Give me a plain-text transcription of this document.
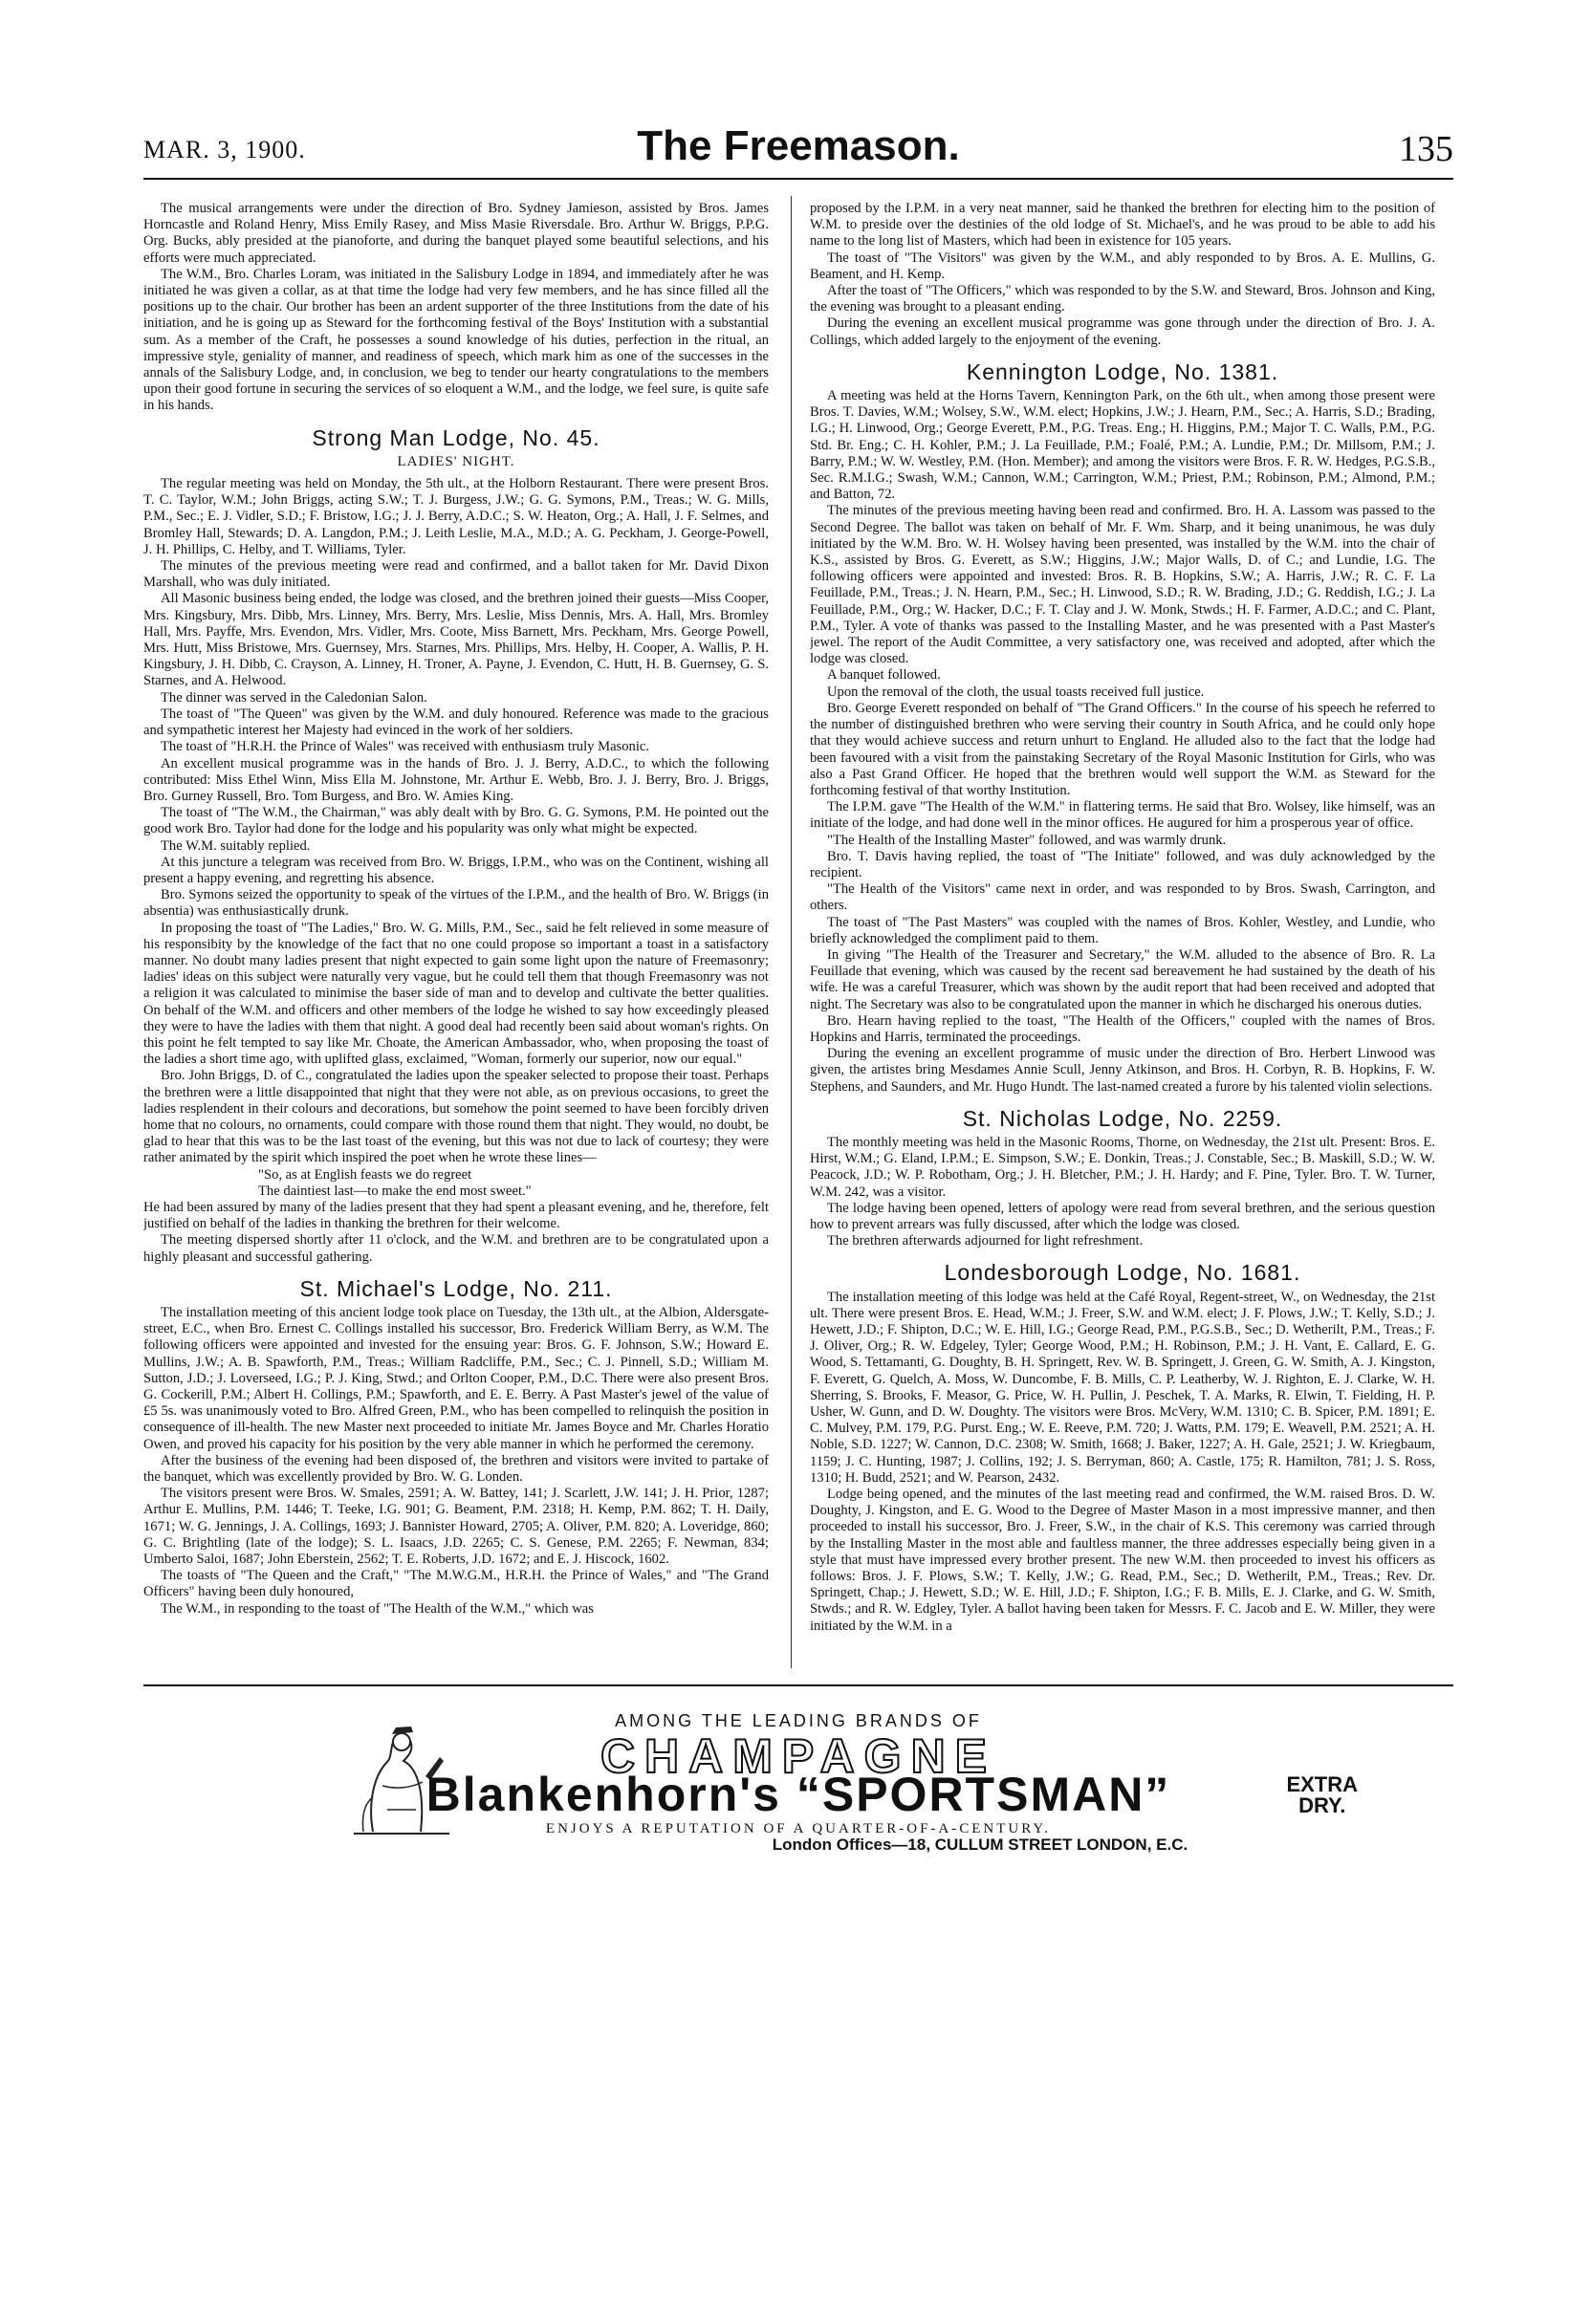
MAR. 3, 1900.	The Freemason.	135

The musical arrangements were under the direction of Bro. Sydney Jamieson, assisted by Bros. James Horncastle and Roland Henry, Miss Emily Rasey, and Miss Masie Riversdale. Bro. Arthur W. Briggs, P.P.G. Org. Bucks, ably presided at the pianoforte, and during the banquet played some beautiful selections, and his efforts were much appreciated.

The W.M., Bro. Charles Loram, was initiated in the Salisbury Lodge in 1894, and immediately after he was initiated he was given a collar, as at that time the lodge had very few members, and he has since filled all the positions up to the chair. Our brother has been an ardent supporter of the three Institutions from the date of his initiation, and he is going up as Steward for the forthcoming festival of the Boys' Institution with a substantial sum. As a member of the Craft, he possesses a sound knowledge of his duties, perfection in the ritual, an impressive style, geniality of manner, and readiness of speech, which mark him as one of the successes in the annals of the Salisbury Lodge, and, in conclusion, we beg to tender our hearty congratulations to the members upon their good fortune in securing the services of so eloquent a W.M., and the lodge, we feel sure, is quite safe in his hands.

Strong Man Lodge, No. 45.
LADIES' NIGHT.

The regular meeting was held on Monday, the 5th ult., at the Holborn Restaurant. There were present Bros. T. C. Taylor, W.M.; John Briggs, acting S.W.; T. J. Burgess, J.W.; G. G. Symons, P.M., Treas.; W. G. Mills, P.M., Sec.; E. J. Vidler, S.D.; F. Bristow, I.G.; J. J. Berry, A.D.C.; S. W. Heaton, Org.; A. Hall, J. F. Selmes, and Bromley Hall, Stewards; D. A. Langdon, P.M.; J. Leith Leslie, M.A., M.D.; A. G. Peckham, J. George-Powell, J. H. Phillips, C. Helby, and T. Williams, Tyler.

The minutes of the previous meeting were read and confirmed, and a ballot taken for Mr. David Dixon Marshall, who was duly initiated.

All Masonic business being ended, the lodge was closed, and the brethren joined their guests—Miss Cooper, Mrs. Kingsbury, Mrs. Dibb, Mrs. Linney, Mrs. Berry, Mrs. Leslie, Miss Dennis, Mrs. A. Hall, Mrs. Bromley Hall, Mrs. Payffe, Mrs. Evendon, Mrs. Vidler, Mrs. Coote, Miss Barnett, Mrs. Peckham, Mrs. George Powell, Mrs. Hutt, Miss Bristowe, Mrs. Guernsey, Mrs. Starnes, Mrs. Phillips, Mrs. Helby, H. Cooper, A. Wallis, P. H. Kingsbury, J. H. Dibb, C. Crayson, A. Linney, H. Troner, A. Payne, J. Evendon, C. Hutt, H. B. Guernsey, G. S. Starnes, and A. Helwood.

The dinner was served in the Caledonian Salon.

The toast of "The Queen" was given by the W.M. and duly honoured. Reference was made to the gracious and sympathetic interest her Majesty had evinced in the work of her soldiers.

The toast of "H.R.H. the Prince of Wales" was received with enthusiasm truly Masonic.

An excellent musical programme was in the hands of Bro. J. J. Berry, A.D.C., to which the following contributed: Miss Ethel Winn, Miss Ella M. Johnstone, Mr. Arthur E. Webb, Bro. J. J. Berry, Bro. J. Briggs, Bro. Gurney Russell, Bro. Tom Burgess, and Bro. W. Amies King.

The toast of "The W.M., the Chairman," was ably dealt with by Bro. G. G. Symons, P.M. He pointed out the good work Bro. Taylor had done for the lodge and his popularity was only what might be expected.

The W.M. suitably replied.

At this juncture a telegram was received from Bro. W. Briggs, I.P.M., who was on the Continent, wishing all present a happy evening, and regretting his absence.

Bro. Symons seized the opportunity to speak of the virtues of the I.P.M., and the health of Bro. W. Briggs (in absentia) was enthusiastically drunk.

In proposing the toast of "The Ladies," Bro. W. G. Mills, P.M., Sec., said he felt relieved in some measure of his responsibity by the knowledge of the fact that no one could propose so important a toast in a satisfactory manner. No doubt many ladies present that night expected to gain some light upon the nature of Freemasonry; ladies' ideas on this subject were naturally very vague, but he could tell them that though Freemasonry was not a religion it was calculated to minimise the baser side of man and to develop and cultivate the better qualities. On behalf of the W.M. and officers and other members of the lodge he wished to say how exceedingly pleased they were to have the ladies with them that night. A good deal had recently been said about woman's rights. On this point he felt tempted to say like Mr. Choate, the American Ambassador, who, when proposing the toast of the ladies a short time ago, with uplifted glass, exclaimed, "Woman, formerly our superior, now our equal."

Bro. John Briggs, D. of C., congratulated the ladies upon the speaker selected to propose their toast. Perhaps the brethren were a little disappointed that night that they were not able, as on previous occasions, to greet the ladies resplendent in their colours and decorations, but somehow the point seemed to have been forcibly driven home that no colours, no ornaments, could compare with those round them that night. They would, no doubt, be glad to hear that this was to be the last toast of the evening, but this was not due to lack of courtesy; they were rather animated by the spirit which inspired the poet when he wrote these lines—

"So, as at English feasts we do regreet

The daintiest last—to make the end most sweet."

He had been assured by many of the ladies present that they had spent a pleasant evening, and he, therefore, felt justified on behalf of the ladies in thanking the brethren for their welcome.

The meeting dispersed shortly after 11 o'clock, and the W.M. and brethren are to be congratulated upon a highly pleasant and successful gathering.

St. Michael's Lodge, No. 211.

The installation meeting of this ancient lodge took place on Tuesday, the 13th ult., at the Albion, Aldersgate-street, E.C., when Bro. Ernest C. Collings installed his successor, Bro. Frederick William Berry, as W.M. The following officers were appointed and invested for the ensuing year: Bros. G. F. Johnson, S.W.; Howard E. Mullins, J.W.; A. B. Spawforth, P.M., Treas.; William Radcliffe, P.M., Sec.; C. J. Pinnell, S.D.; William M. Sutton, J.D.; J. Loverseed, I.G.; P. J. King, Stwd.; and Orlton Cooper, P.M., D.C. There were also present Bros. G. Cockerill, P.M.; Albert H. Collings, P.M.; Spawforth, and E. E. Berry. A Past Master's jewel of the value of £5 5s. was unanimously voted to Bro. Alfred Green, P.M., who has been compelled to relinquish the position in consequence of ill-health. The new Master next proceeded to initiate Mr. James Boyce and Mr. Charles Horatio Owen, and proved his capacity for his position by the very able manner in which he performed the ceremony.

After the business of the evening had been disposed of, the brethren and visitors were invited to partake of the banquet, which was excellently provided by Bro. W. G. Londen.

The visitors present were Bros. W. Smales, 2591; A. W. Battey, 141; J. Scarlett, J.W. 141; J. H. Prior, 1287; Arthur E. Mullins, P.M. 1446; T. Teeke, I.G. 901; G. Beament, P.M. 2318; H. Kemp, P.M. 862; T. H. Daily, 1671; W. G. Jennings, J. A. Collings, 1693; J. Bannister Howard, 2705; A. Oliver, P.M. 820; A. Loveridge, 860; G. C. Brightling (late of the lodge); S. L. Isaacs, J.D. 2265; C. S. Genese, P.M. 2265; F. Newman, 834; Umberto Saloi, 1687; John Eberstein, 2562; T. E. Roberts, J.D. 1672; and E. J. Hiscock, 1602.

The toasts of "The Queen and the Craft," "The M.W.G.M., H.R.H. the Prince of Wales," and "The Grand Officers" having been duly honoured,

The W.M., in responding to the toast of "The Health of the W.M.," which was

proposed by the I.P.M. in a very neat manner, said he thanked the brethren for electing him to the position of W.M. to preside over the destinies of the old lodge of St. Michael's, and he was proud to be able to add his name to the long list of Masters, which had been in existence for 105 years.

The toast of "The Visitors" was given by the W.M., and ably responded to by Bros. A. E. Mullins, G. Beament, and H. Kemp.

After the toast of "The Officers," which was responded to by the S.W. and Steward, Bros. Johnson and King, the evening was brought to a pleasant ending.

During the evening an excellent musical programme was gone through under the direction of Bro. J. A. Collings, which added largely to the enjoyment of the evening.

Kennington Lodge, No. 1381.

A meeting was held at the Horns Tavern, Kennington Park, on the 6th ult., when among those present were Bros. T. Davies, W.M.; Wolsey, S.W., W.M. elect; Hopkins, J.W.; J. Hearn, P.M., Sec.; A. Harris, S.D.; Brading, I.G.; H. Linwood, Org.; George Everett, P.M., P.G. Treas. Eng.; H. Higgins, P.M.; Major T. C. Walls, P.M., P.G. Std. Br. Eng.; C. H. Kohler, P.M.; J. La Feuillade, P.M.; Foalé, P.M.; A. Lundie, P.M.; Dr. Millsom, P.M.; J. Barry, P.M.; W. W. Westley, P.M. (Hon. Member); and among the visitors were Bros. F. R. W. Hedges, P.G.S.B., Sec. R.M.I.G.; Swash, W.M.; Cannon, W.M.; Carrington, W.M.; Priest, P.M.; Robinson, P.M.; Almond, P.M.; and Batton, 72.

The minutes of the previous meeting having been read and confirmed. Bro. H. A. Lassom was passed to the Second Degree. The ballot was taken on behalf of Mr. F. Wm. Sharp, and it being unanimous, he was duly initiated by the W.M. Bro. W. H. Wolsey having been presented, was installed by the W.M. into the chair of K.S., assisted by Bros. G. Everett, as S.W.; Higgins, J.W.; Major Walls, D. of C.; and Lundie, I.G. The following officers were appointed and invested: Bros. R. B. Hopkins, S.W.; A. Harris, J.W.; R. C. F. La Feuillade, P.M., Treas.; J. N. Hearn, P.M., Sec.; H. Linwood, S.D.; R. W. Brading, J.D.; G. Reddish, I.G.; J. La Feuillade, P.M., Org.; W. Hacker, D.C.; F. T. Clay and J. W. Monk, Stwds.; H. F. Farmer, A.D.C.; and C. Plant, P.M., Tyler. A vote of thanks was passed to the Installing Master, and he was presented with a Past Master's jewel. The report of the Audit Committee, a very satisfactory one, was received and adopted, after which the lodge was closed.

A banquet followed.

Upon the removal of the cloth, the usual toasts received full justice.

Bro. George Everett responded on behalf of "The Grand Officers." In the course of his speech he referred to the number of distinguished brethren who were serving their country in South Africa, and he could only hope that they would achieve success and return unhurt to England. He alluded also to the fact that the lodge had been favoured with a visit from the painstaking Secretary of the Royal Masonic Institution for Girls, who was also a Past Grand Officer. He hoped that the brethren would well support the W.M. as Steward for the forthcoming festival of that worthy Institution.

The I.P.M. gave "The Health of the W.M." in flattering terms. He said that Bro. Wolsey, like himself, was an initiate of the lodge, and had done well in the minor offices. He augured for him a prosperous year of office.

"The Health of the Installing Master" followed, and was warmly drunk.

Bro. T. Davis having replied, the toast of "The Initiate" followed, and was duly acknowledged by the recipient.

"The Health of the Visitors" came next in order, and was responded to by Bros. Swash, Carrington, and others.

The toast of "The Past Masters" was coupled with the names of Bros. Kohler, Westley, and Lundie, who briefly acknowledged the compliment paid to them.

In giving "The Health of the Treasurer and Secretary," the W.M. alluded to the absence of Bro. R. La Feuillade that evening, which was caused by the recent sad bereavement he had sustained by the death of his wife. He was a careful Treasurer, which was shown by the audit report that had been received and adopted that night. The Secretary was also to be congratulated upon the manner in which he discharged his onerous duties.

Bro. Hearn having replied to the toast, "The Health of the Officers," coupled with the names of Bros. Hopkins and Harris, terminated the proceedings.

During the evening an excellent programme of music under the direction of Bro. Herbert Linwood was given, the artistes bring Mesdames Annie Scull, Jenny Atkinson, and Bros. H. Corbyn, R. B. Hopkins, F. W. Stephens, and Saunders, and Mr. Hugo Hundt. The last-named created a furore by his talented violin selections.

St. Nicholas Lodge, No. 2259.

The monthly meeting was held in the Masonic Rooms, Thorne, on Wednesday, the 21st ult. Present: Bros. E. Hirst, W.M.; G. Eland, I.P.M.; E. Simpson, S.W.; E. Donkin, Treas.; J. Constable, Sec.; B. Maskill, S.D.; W. W. Peacock, J.D.; W. P. Robotham, Org.; J. H. Bletcher, P.M.; J. H. Hardy; and F. Pine, Tyler. Bro. T. W. Turner, W.M. 242, was a visitor.

The lodge having been opened, letters of apology were read from several brethren, and the serious question how to prevent arrears was fully discussed, after which the lodge was closed.

The brethren afterwards adjourned for light refreshment.

Londesborough Lodge, No. 1681.

The installation meeting of this lodge was held at the Café Royal, Regent-street, W., on Wednesday, the 21st ult. There were present Bros. E. Head, W.M.; J. Freer, S.W. and W.M. elect; J. F. Plows, J.W.; T. Kelly, S.D.; J. Hewett, J.D.; F. Shipton, D.C.; W. E. Hill, I.G.; George Read, P.M., P.G.S.B., Sec.; D. Wetherilt, P.M., Treas.; F. J. Oliver, Org.; R. W. Edgeley, Tyler; George Wood, P.M.; H. Robinson, P.M.; J. H. Vant, E. Callard, E. G. Wood, S. Tettamanti, G. Doughty, B. H. Springett, Rev. W. B. Springett, J. Green, G. W. Smith, A. J. Kingston, F. Everett, G. Quelch, A. Moss, W. Duncombe, F. B. Mills, C. P. Leatherby, W. J. Righton, E. J. Clarke, W. H. Sherring, S. Brooks, F. Measor, G. Price, W. H. Pullin, J. Peschek, T. A. Marks, R. Elwin, T. Fielding, H. P. Usher, W. Gunn, and D. W. Doughty. The visitors were Bros. McVery, W.M. 1310; C. B. Spicer, P.M. 1891; E. C. Mulvey, P.M. 179, P.G. Purst. Eng.; W. E. Reeve, P.M. 720; J. Watts, P.M. 179; E. Weavell, P.M. 2521; A. H. Noble, S.D. 1227; W. Cannon, D.C. 2308; W. Smith, 1668; J. Baker, 1227; A. H. Gale, 2521; J. W. Kriegbaum, 1159; J. C. Hunting, 1987; J. Collins, 192; J. S. Berryman, 860; A. Castle, 175; R. Hamilton, 781; J. S. Ross, 1310; H. Budd, 2521; and W. Pearson, 2432.

Lodge being opened, and the minutes of the last meeting read and confirmed, the W.M. raised Bros. D. W. Doughty, J. Kingston, and E. G. Wood to the Degree of Master Mason in a most impressive manner, and then proceeded to install his successor, Bro. J. Freer, S.W., in the chair of K.S. This ceremony was carried through by the Installing Master in the most able and faultless manner, the three addresses especially being given in a style that must have impressed every brother present. The new W.M. then proceeded to invest his officers as follows: Bros. J. F. Plows, S.W.; T. Kelly, J.W.; G. Read, P.M., Sec.; D. Wetherilt, P.M., Treas.; Rev. Dr. Springett, Chap.; J. Hewett, S.D.; W. E. Hill, J.D.; F. Shipton, I.G.; F. B. Mills, E. J. Clarke, and G. W. Smith, Stwds.; and R. W. Edgley, Tyler. A ballot having been taken for Messrs. F. C. Jacob and E. W. Miller, they were initiated by the W.M. in a

AMONG THE LEADING BRANDS OF
CHAMPAGNE
Blankenhorn's “SPORTSMAN”	EXTRA
DRY.
ENJOYS A REPUTATION OF A QUARTER-OF-A-CENTURY.
London Offices—18, CULLUM STREET LONDON, E.C.
